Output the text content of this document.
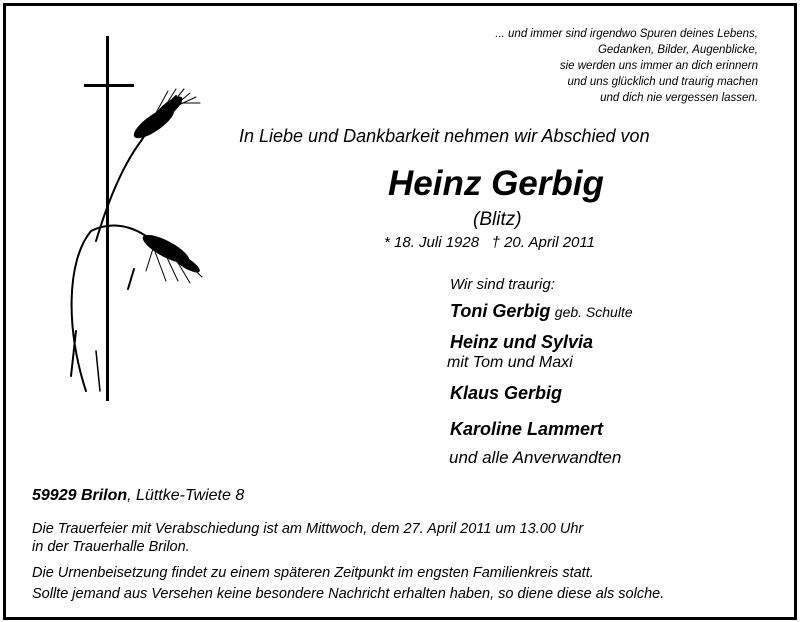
... und immer sind irgendwo Spuren deines Lebens,
Gedanken, Bilder, Augenblicke,
sie werden uns immer an dich erinnern
und uns glücklich und traurig machen
und dich nie vergessen lassen.
In Liebe und Dankbarkeit nehmen wir Abschied von
Heinz Gerbig
(Blitz)
* 18. Juli 1928   † 20. April 2011
Wir sind traurig:
Toni Gerbig geb. Schulte
Heinz und Sylvia
mit Tom und Maxi
Klaus Gerbig
Karoline Lammert
und alle Anverwandten
59929 Brilon, Lüttke-Twiete 8
Die Trauerfeier mit Verabschiedung ist am Mittwoch, dem 27. April 2011 um 13.00 Uhr
in der Trauerhalle Brilon.
Die Urnenbeisetzung findet zu einem späteren Zeitpunkt im engsten Familienkreis statt.
Sollte jemand aus Versehen keine besondere Nachricht erhalten haben, so diene diese als solche.
